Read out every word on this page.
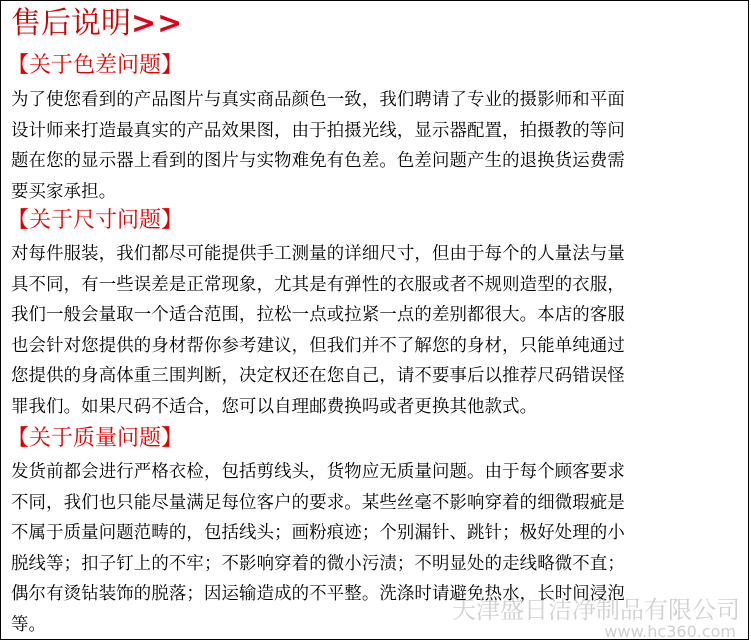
售后说明>>
【关于色差问题】
为了使您看到的产品图片与真实商品颜色一致，我们聘请了专业的摄影师和平面
设计师来打造最真实的产品效果图，由于拍摄光线，显示器配置，拍摄教的等问
题在您的显示器上看到的图片与实物难免有色差。色差问题产生的退换货运费需
要买家承担。
【关于尺寸问题】
对每件服装，我们都尽可能提供手工测量的详细尺寸，但由于每个的人量法与量
具不同，有一些误差是正常现象，尤其是有弹性的衣服或者不规则造型的衣服，
我们一般会量取一个适合范围，拉松一点或拉紧一点的差别都很大。本店的客服
也会针对您提供的身材帮你参考建议，但我们并不了解您的身材，只能单纯通过
您提供的身高体重三围判断，决定权还在您自己，请不要事后以推荐尺码错误怪
罪我们。如果尺码不适合，您可以自理邮费换吗或者更换其他款式。
【关于质量问题】
发货前都会进行严格衣检，包括剪线头，货物应无质量问题。由于每个顾客要求
不同，我们也只能尽量满足每位客户的要求。某些丝毫不影响穿着的细微瑕疵是
不属于质量问题范畴的，包括线头；画粉痕迹；个别漏针、跳针；极好处理的小
脱线等；扣子钉上的不牢；不影响穿着的微小污渍；不明显处的走线略微不直；
偶尔有烫钻装饰的脱落；因运输造成的不平整。洗涤时请避免热水，长时间浸泡
等。
天津盛日洁净制品有限公司
www.hc360.com
